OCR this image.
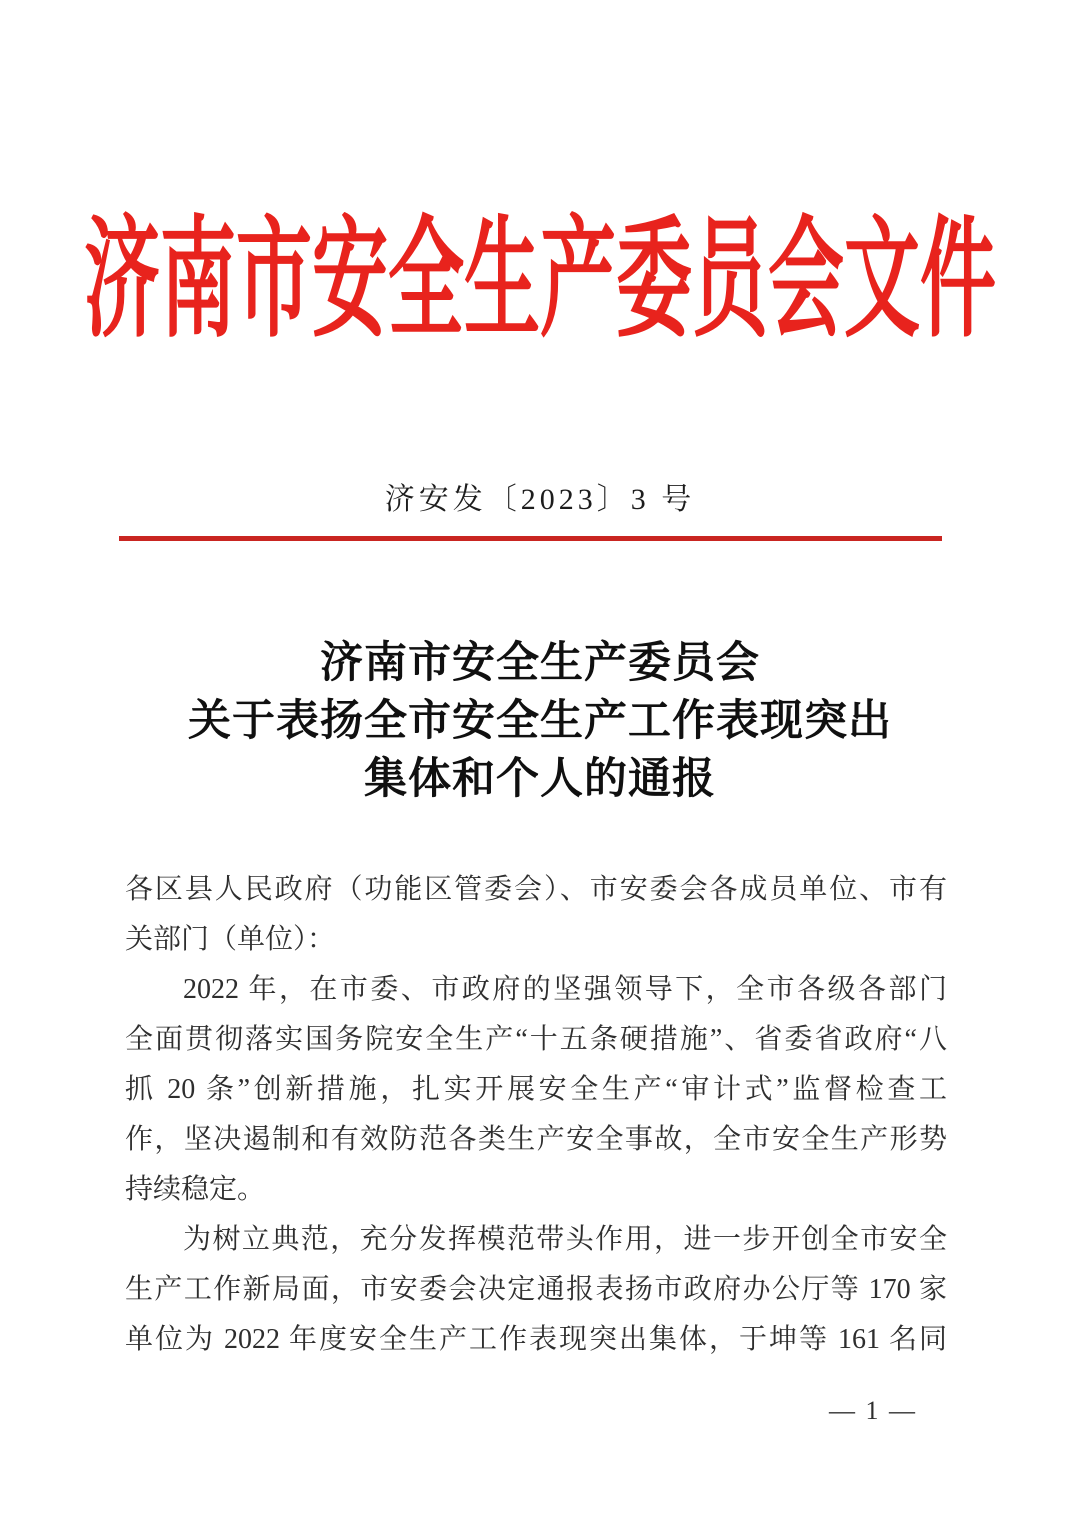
济南市安全生产委员会文件
济安发〔2023〕3 号
济南市安全生产委员会
关于表扬全市安全生产工作表现突出
集体和个人的通报
各区县人民政府（功能区管委会）、市安委会各成员单位、市有
关部门（单位）：
2022 年，在市委、市政府的坚强领导下，全市各级各部门
全面贯彻落实国务院安全生产“十五条硬措施”、省委省政府“八
抓 20 条”创新措施，扎实开展安全生产“审计式”监督检查工
作，坚决遏制和有效防范各类生产安全事故，全市安全生产形势
持续稳定。
为树立典范，充分发挥模范带头作用，进一步开创全市安全
生产工作新局面，市安委会决定通报表扬市政府办公厅等 170 家
单位为 2022 年度安全生产工作表现突出集体，于坤等 161 名同
— 1 —
